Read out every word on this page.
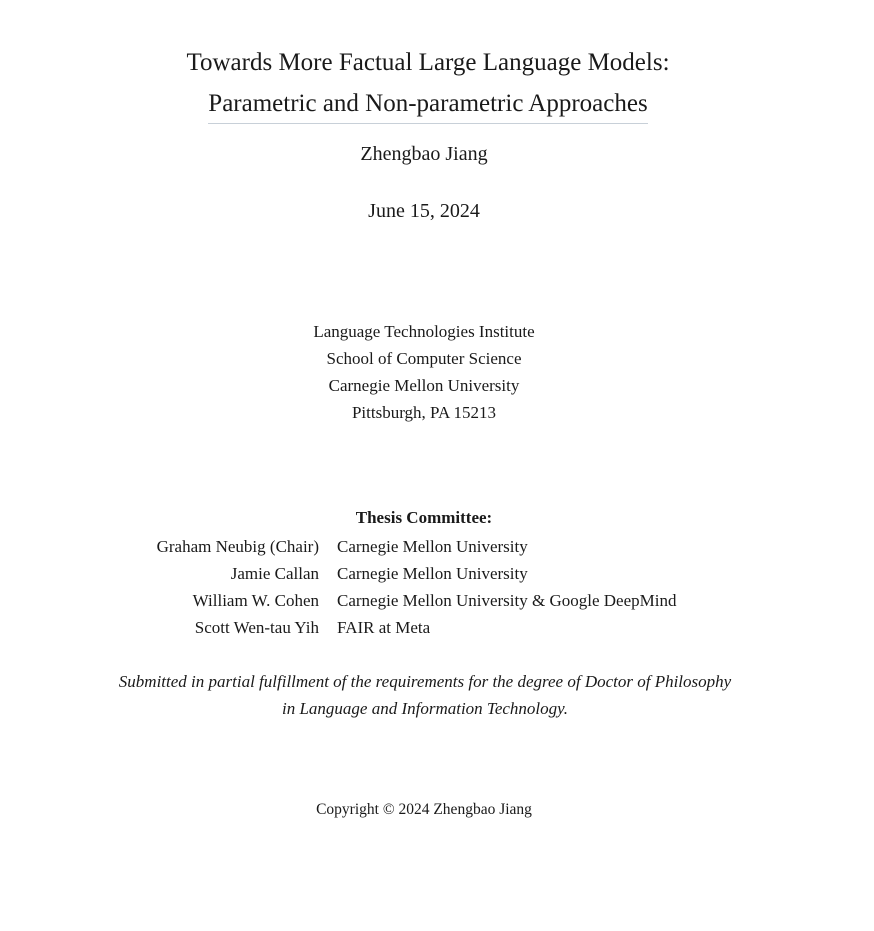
Towards More Factual Large Language Models:
Parametric and Non-parametric Approaches
Zhengbao Jiang
June 15, 2024
Language Technologies Institute
School of Computer Science
Carnegie Mellon University
Pittsburgh, PA 15213
Thesis Committee:
Graham Neubig (Chair) Carnegie Mellon University
Jamie Callan Carnegie Mellon University
William W. Cohen Carnegie Mellon University & Google DeepMind
Scott Wen-tau Yih FAIR at Meta
Submitted in partial fulfillment of the requirements for the degree of Doctor of Philosophy
in Language and Information Technology.
Copyright © 2024 Zhengbao Jiang
